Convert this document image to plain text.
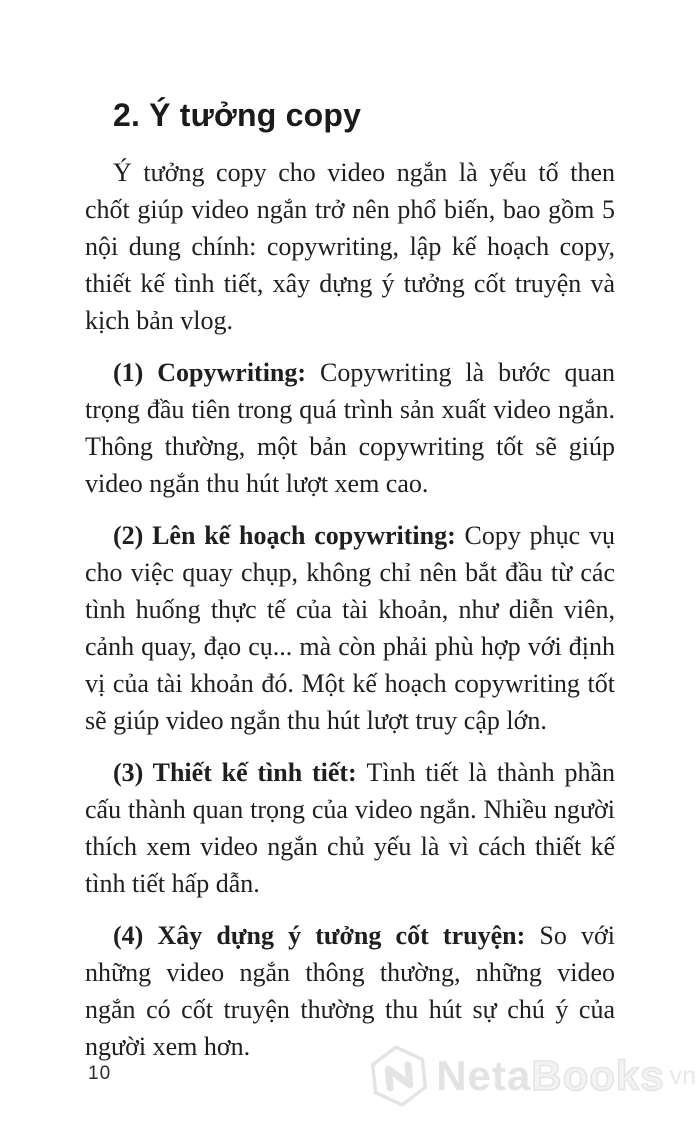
2. Ý tưởng copy

Ý tưởng copy cho video ngắn là yếu tố then chốt giúp video ngắn trở nên phổ biến, bao gồm 5 nội dung chính: copywriting, lập kế hoạch copy, thiết kế tình tiết, xây dựng ý tưởng cốt truyện và kịch bản vlog.

(1) Copywriting: Copywriting là bước quan trọng đầu tiên trong quá trình sản xuất video ngắn. Thông thường, một bản copywriting tốt sẽ giúp video ngắn thu hút lượt xem cao.

(2) Lên kế hoạch copywriting: Copy phục vụ cho việc quay chụp, không chỉ nên bắt đầu từ các tình huống thực tế của tài khoản, như diễn viên, cảnh quay, đạo cụ... mà còn phải phù hợp với định vị của tài khoản đó. Một kế hoạch copywriting tốt sẽ giúp video ngắn thu hút lượt truy cập lớn.

(3) Thiết kế tình tiết: Tình tiết là thành phần cấu thành quan trọng của video ngắn. Nhiều người thích xem video ngắn chủ yếu là vì cách thiết kế tình tiết hấp dẫn.

(4) Xây dựng ý tưởng cốt truyện: So với những video ngắn thông thường, những video ngắn có cốt truyện thường thu hút sự chú ý của người xem hơn.

10	Neta Books vn
